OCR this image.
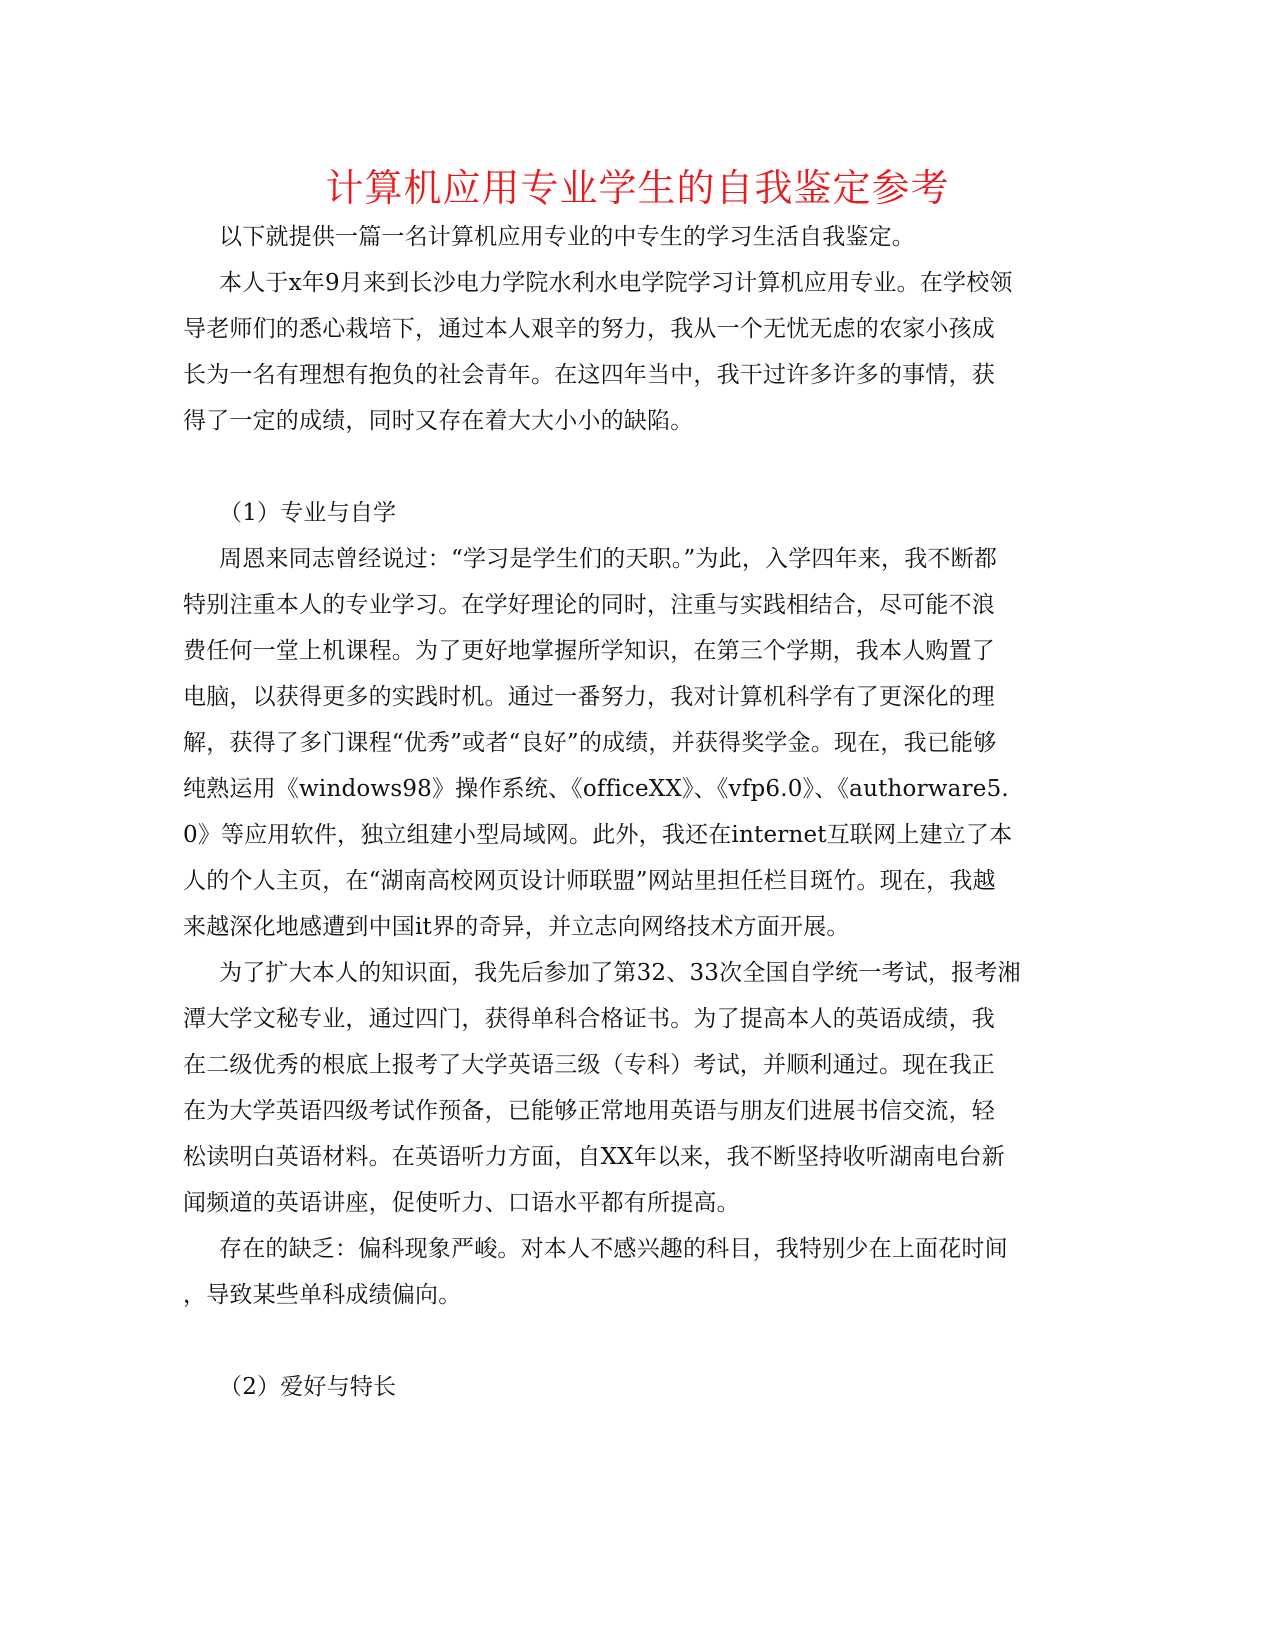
计算机应用专业学生的自我鉴定参考
以下就提供一篇一名计算机应用专业的中专生的学习生活自我鉴定。
本人于x年9月来到长沙电力学院水利水电学院学习计算机应用专业。在学校领
导老师们的悉心栽培下，通过本人艰辛的努力，我从一个无忧无虑的农家小孩成
长为一名有理想有抱负的社会青年。在这四年当中，我干过许多许多的事情，获
得了一定的成绩，同时又存在着大大小小的缺陷。
（1）专业与自学
周恩来同志曾经说过：“学习是学生们的天职。”为此，入学四年来，我不断都
特别注重本人的专业学习。在学好理论的同时，注重与实践相结合，尽可能不浪
费任何一堂上机课程。为了更好地掌握所学知识，在第三个学期，我本人购置了
电脑，以获得更多的实践时机。通过一番努力，我对计算机科学有了更深化的理
解，获得了多门课程“优秀”或者“良好”的成绩，并获得奖学金。现在，我已能够
纯熟运用《windows98》操作系统、《officeXX》、《vfp6.0》、《authorware5.
0》等应用软件，独立组建小型局域网。此外，我还在internet互联网上建立了本
人的个人主页，在“湖南高校网页设计师联盟”网站里担任栏目斑竹。现在，我越
来越深化地感遭到中国it界的奇异，并立志向网络技术方面开展。
为了扩大本人的知识面，我先后参加了第32、33次全国自学统一考试，报考湘
潭大学文秘专业，通过四门，获得单科合格证书。为了提高本人的英语成绩，我
在二级优秀的根底上报考了大学英语三级（专科）考试，并顺利通过。现在我正
在为大学英语四级考试作预备，已能够正常地用英语与朋友们进展书信交流，轻
松读明白英语材料。在英语听力方面，自XX年以来，我不断坚持收听湖南电台新
闻频道的英语讲座，促使听力、口语水平都有所提高。
存在的缺乏：偏科现象严峻。对本人不感兴趣的科目，我特别少在上面花时间
，导致某些单科成绩偏向。
（2）爱好与特长
